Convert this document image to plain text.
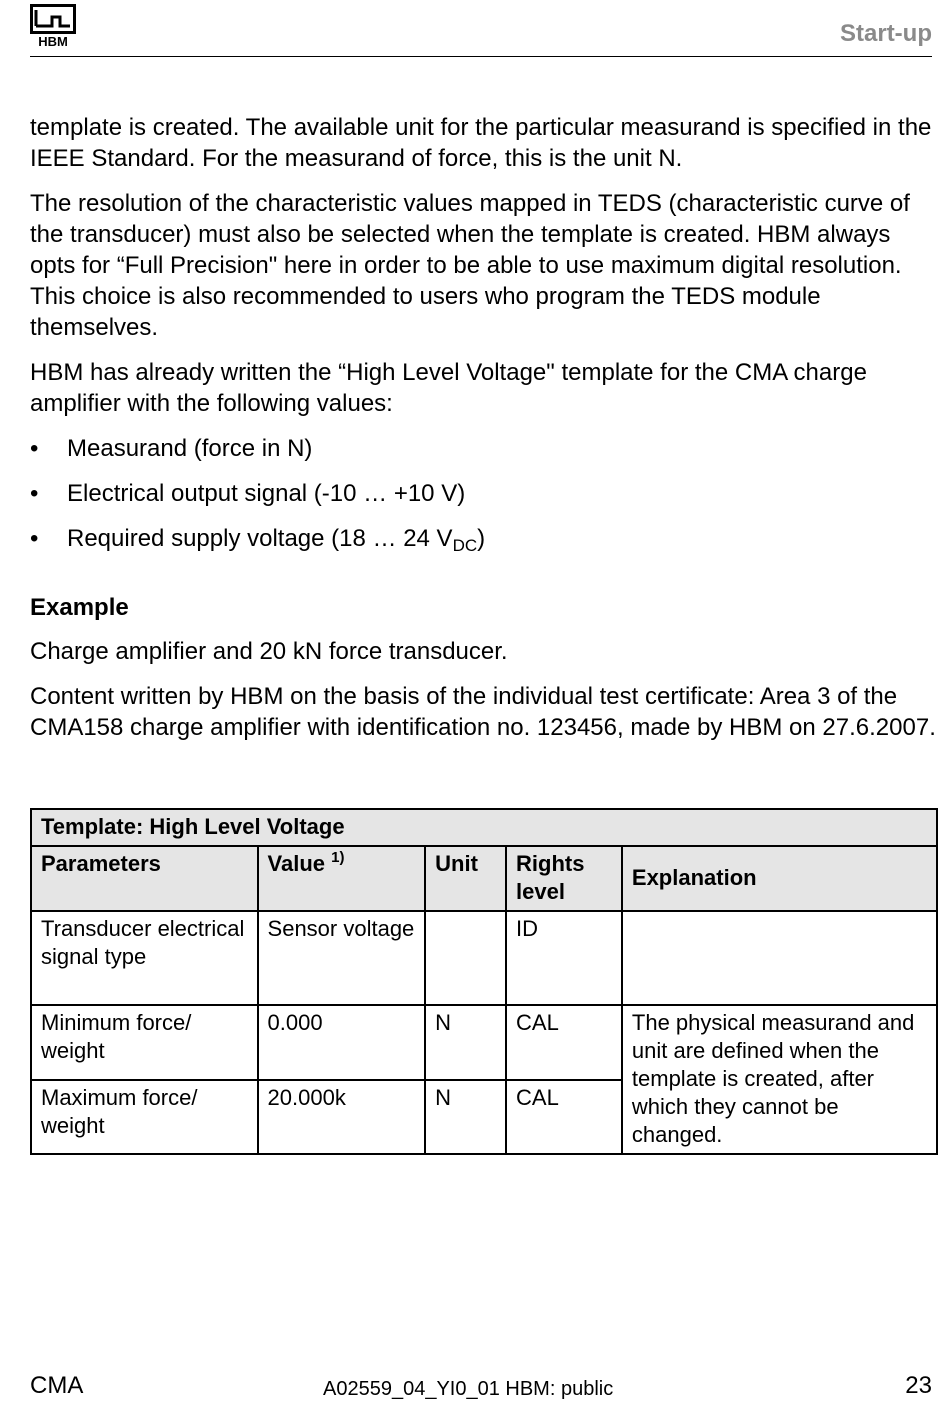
HBM	Start-up

template is created. The available unit for the particular measurand is specified in the IEEE Standard. For the measurand of force, this is the unit N.

The resolution of the characteristic values mapped in TEDS (characteristic curve of the transducer) must also be selected when the template is created. HBM always opts for “Full Precision" here in order to be able to use maximum digital resolution. This choice is also recommended to users who program the TEDS module themselves.

HBM has already written the “High Level Voltage" template for the CMA charge amplifier with the following values:

• Measurand (force in N)
• Electrical output signal (-10 … +10 V)
• Required supply voltage (18 … 24 $V_{DC}$)
Example

Charge amplifier and 20 kN force transducer.

Content written by HBM on the basis of the individual test certificate: Area 3 of the CMA158 charge amplifier with identification no. 123456, made by HBM on 27.6.2007.

Template: High Level Voltage				
Parameters	Value $^{1)}$	Unit	Rights level	Explanation
Transducer electrical signal type	Sensor voltage		ID	
Minimum force/ weight	0.000	N	CAL	The physical measurand and unit are defined when the template is created, after which they cannot be changed.
Maximum force/ weight	20.000k	N	CAL	
CMA	A02559_04_YI0_01 HBM: public	23
